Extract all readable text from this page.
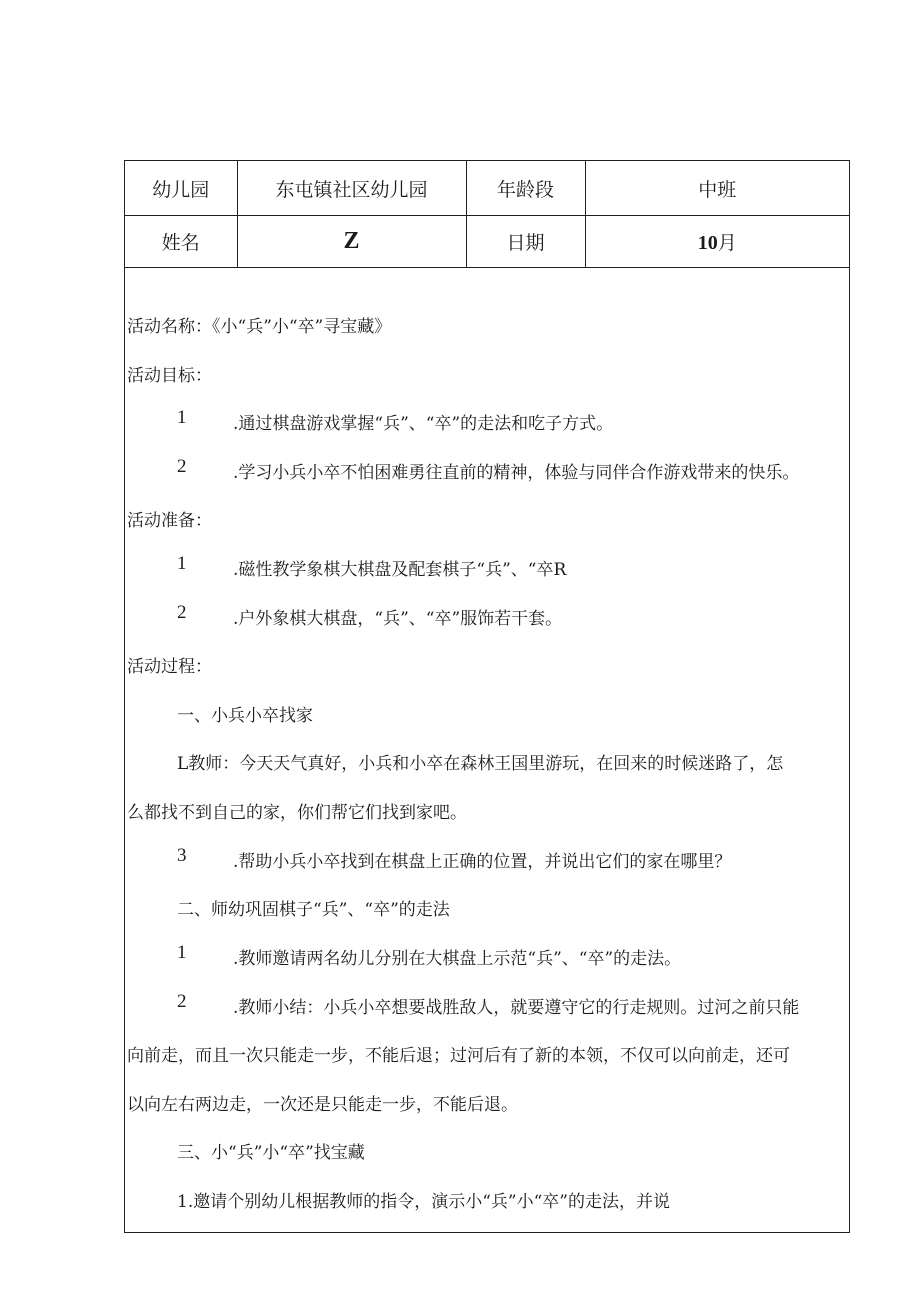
幼儿园	东屯镇社区幼儿园	年龄段	中班
姓名	Z	日期	10月
活动名称：《小“兵”小“卒”寻宝藏》
活动目标：
1	.通过棋盘游戏掌握“兵”、“卒”的走法和吃子方式。
2	.学习小兵小卒不怕困难勇往直前的精神，体验与同伴合作游戏带来的快乐。
活动准备：
1	.磁性教学象棋大棋盘及配套棋子“兵”、“卒R
2	.户外象棋大棋盘，“兵”、“卒”服饰若干套。
活动过程：
一、小兵小卒找家
L教师：今天天气真好，小兵和小卒在森林王国里游玩，在回来的时候迷路了，怎
么都找不到自己的家，你们帮它们找到家吧。
3	.帮助小兵小卒找到在棋盘上正确的位置，并说出它们的家在哪里？
二、师幼巩固棋子“兵”、“卒”的走法
1	.教师邀请两名幼儿分别在大棋盘上示范“兵”、“卒”的走法。
2	.教师小结：小兵小卒想要战胜敌人，就要遵守它的行走规则。过河之前只能
向前走，而且一次只能走一步，不能后退；过河后有了新的本领，不仅可以向前走，还可
以向左右两边走，一次还是只能走一步，不能后退。
三、小“兵”小“卒”找宝藏
1.邀请个别幼儿根据教师的指令，演示小“兵”小“卒”的走法，并说
